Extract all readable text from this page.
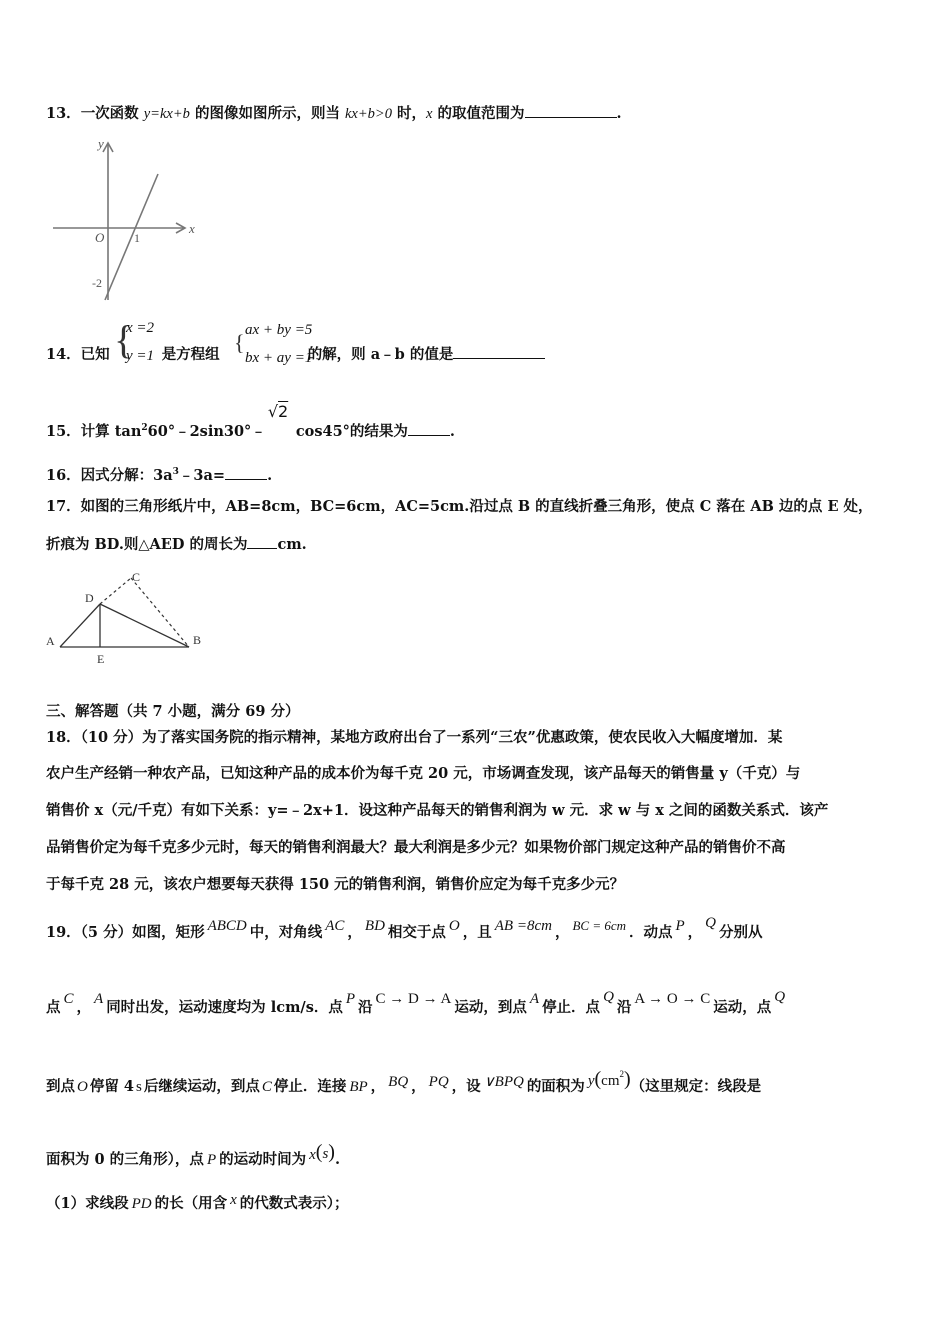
13．一次函数 y=kx+b 的图像如图所示，则当 kx+b>0 时，x 的取值范围为	.
y
x
O 1
-2
14．已知	是方程组	的解，则 a﹣b 的值是
{
x =2
y =1
{ ax + by =5
bx + ay =1
15．计算 $\tan^260^\circ﹣2\sin 30^\circ﹣$
√2
cos45°的结果为	.
16．因式分解：$3a^3﹣3a=$	.
17．如图的三角形纸片中，AB=8cm，BC=6cm，AC=5cm.沿过点 B 的直线折叠三角形，使点 C 落在 AB 边的点 E 处，
折痕为 BD.则△AED 的周长为 cm.
A	B
C
D
E
三、解答题（共 7 小题，满分 69 分）
18．（10 分）为了落实国务院的指示精神，某地方政府出台了一系列“三农”优惠政策，使农民收入大幅度增加．某
农户生产经销一种农产品，已知这种产品的成本价为每千克 20 元，市场调查发现，该产品每天的销售量 y（千克）与
销售价 x（元/千克）有如下关系：y=﹣2x+1．设这种产品每天的销售利润为 w 元．求 w 与 x 之间的函数关系式．该产
品销售价定为每千克多少元时，每天的销售利润最大？最大利润是多少元？如果物价部门规定这种产品的销售价不高
于每千克 28 元，该农户想要每天获得 150 元的销售利润，销售价应定为每千克多少元？
19．（5 分）如图，矩形 ABCD 中，对角线 AC ， BD 相交于点 O ，且 AB =8cm ， BC = 6cm ．动点 P ，Q分别从
点 C ， A 同时出发，运动速度均为 lcm/s．点 P 沿 C → D → A 运动，到点 A 停止．点Q沿 A → O → C 运动，点Q
到点 O 停留 4 s 后继续运动，到点 C 停止．连接 BP ， BQ ， PQ ，设 ∨BPQ 的面积为 $y(cm^2)$（这里规定：线段是
面积为 0 的三角形），点 P 的运动时间为 x(s).
（1）求线段 PD 的长（用含 x 的代数式表示）；
